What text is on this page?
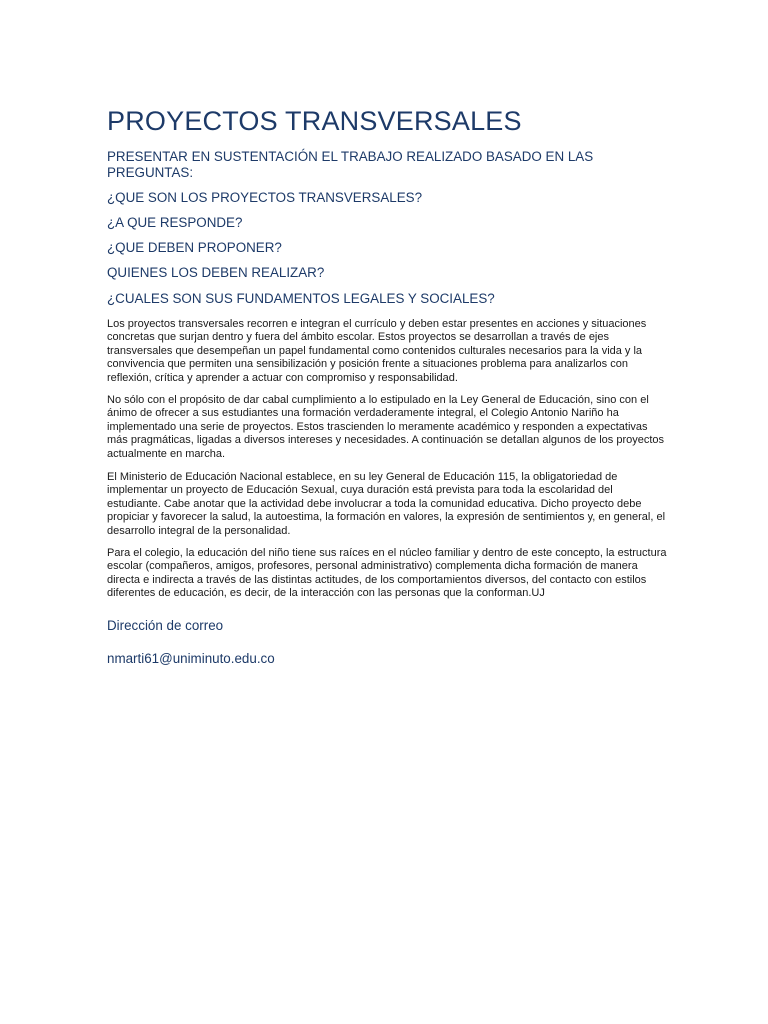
PROYECTOS TRANSVERSALES

PRESENTAR EN SUSTENTACIÓN EL TRABAJO REALIZADO BASADO EN LAS PREGUNTAS:

¿QUE SON LOS PROYECTOS TRANSVERSALES?

¿A QUE RESPONDE?

¿QUE DEBEN PROPONER?

QUIENES LOS DEBEN REALIZAR?

¿CUALES SON SUS FUNDAMENTOS LEGALES Y SOCIALES?

Los proyectos transversales recorren e integran el currículo y deben estar presentes en acciones y situaciones concretas que surjan dentro y fuera del ámbito escolar. Estos proyectos se desarrollan a través de ejes transversales que desempeñan un papel fundamental como contenidos culturales necesarios para la vida y la convivencia que permiten una sensibilización y posición frente a situaciones problema para analizarlos con reflexión, crítica y aprender a actuar con compromiso y responsabilidad.

No sólo con el propósito de dar cabal cumplimiento a lo estipulado en la Ley General de Educación, sino con el ánimo de ofrecer a sus estudiantes una formación verdaderamente integral, el Colegio Antonio Nariño ha implementado una serie de proyectos. Estos trascienden lo meramente académico y responden a expectativas más pragmáticas, ligadas a diversos intereses y necesidades. A continuación se detallan algunos de los proyectos actualmente en marcha.

El Ministerio de Educación Nacional establece, en su ley General de Educación 115, la obligatoriedad de implementar un proyecto de Educación Sexual, cuya duración está prevista para toda la escolaridad del estudiante. Cabe anotar que la actividad debe involucrar a toda la comunidad educativa. Dicho proyecto debe propiciar y favorecer la salud, la autoestima, la formación en valores, la expresión de sentimientos y, en general, el desarrollo integral de la personalidad.

Para el colegio, la educación del niño tiene sus raíces en el núcleo familiar y dentro de este concepto, la estructura escolar (compañeros, amigos, profesores, personal administrativo) complementa dicha formación de manera directa e indirecta a través de las distintas actitudes, de los comportamientos diversos, del contacto con estilos diferentes de educación, es decir, de la interacción con las personas que la conforman.UJ

Dirección de correo

nmarti61@uniminuto.edu.co
